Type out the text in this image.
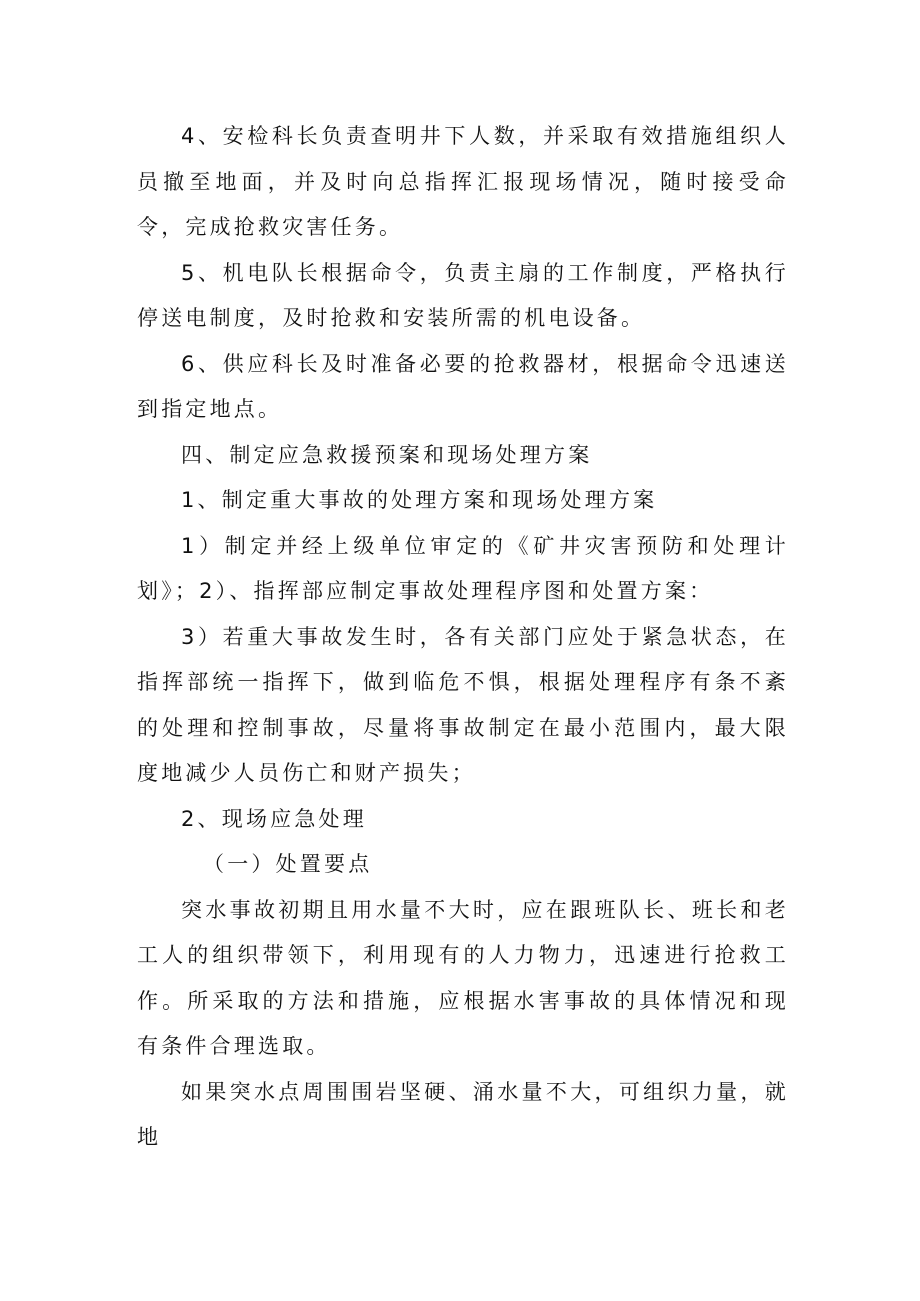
4、安检科长负责查明井下人数，并采取有效措施组织人员撤至地面，并及时向总指挥汇报现场情况，随时接受命令，完成抢救灾害任务。

5、机电队长根据命令，负责主扇的工作制度，严格执行停送电制度，及时抢救和安装所需的机电设备。

6、供应科长及时准备必要的抢救器材，根据命令迅速送到指定地点。

四、制定应急救援预案和现场处理方案

1、制定重大事故的处理方案和现场处理方案

1）制定并经上级单位审定的《矿井灾害预防和处理计划》；2）、指挥部应制定事故处理程序图和处置方案：

3）若重大事故发生时，各有关部门应处于紧急状态，在指挥部统一指挥下，做到临危不惧，根据处理程序有条不紊的处理和控制事故，尽量将事故制定在最小范围内，最大限度地减少人员伤亡和财产损失；

2、现场应急处理

（一）处置要点

突水事故初期且用水量不大时，应在跟班队长、班长和老工人的组织带领下，利用现有的人力物力，迅速进行抢救工作。所采取的方法和措施，应根据水害事故的具体情况和现有条件合理选取。

如果突水点周围围岩坚硬、涌水量不大，可组织力量，就地
